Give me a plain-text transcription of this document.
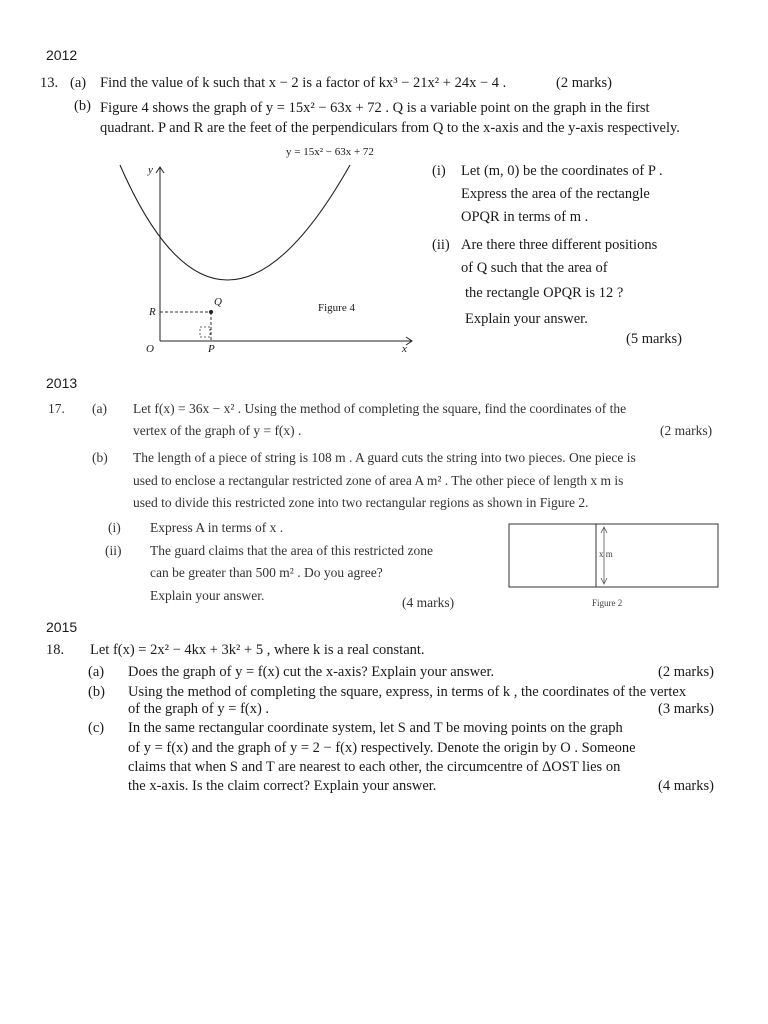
2012
13. (a) Find the value of k such that x − 2 is a factor of kx³ − 21x² + 24x − 4 .	(2 marks)
(b) Figure 4 shows the graph of y = 15x² − 63x + 72 . Q is a variable point on the graph in the first quadrant. P and R are the feet of the perpendiculars from Q to the x-axis and the y-axis respectively.
y = 15x² − 63x + 72
y
x
O
R
Q
P
Figure 4
(i) Let (m, 0) be the coordinates of P .
Express the area of the rectangle
OPQR in terms of m .
(ii) Are there three different positions
of Q such that the area of
the rectangle OPQR is 12 ?
Explain your answer.
(5 marks)
2013
17. (a) Let f(x) = 36x − x² . Using the method of completing the square, find the coordinates of the
vertex of the graph of y = f(x) .	(2 marks)
(b) The length of a piece of string is 108 m . A guard cuts the string into two pieces. One piece is
used to enclose a rectangular restricted zone of area A m² . The other piece of length x m is
used to divide this restricted zone into two rectangular regions as shown in Figure 2.
(i) Express A in terms of x .
(ii) The guard claims that the area of this restricted zone
can be greater than 500 m² . Do you agree?
Explain your answer.	(4 marks)
x m
Figure 2
2015
18. Let f(x) = 2x² − 4kx + 3k² + 5 , where k is a real constant.
(a) Does the graph of y = f(x) cut the x-axis? Explain your answer.	(2 marks)
(b) Using the method of completing the square, express, in terms of k , the coordinates of the vertex
of the graph of y = f(x) .	(3 marks)
(c) In the same rectangular coordinate system, let S and T be moving points on the graph
of y = f(x) and the graph of y = 2 − f(x) respectively. Denote the origin by O . Someone
claims that when S and T are nearest to each other, the circumcentre of ΔOST lies on
the x-axis. Is the claim correct? Explain your answer.	(4 marks)
